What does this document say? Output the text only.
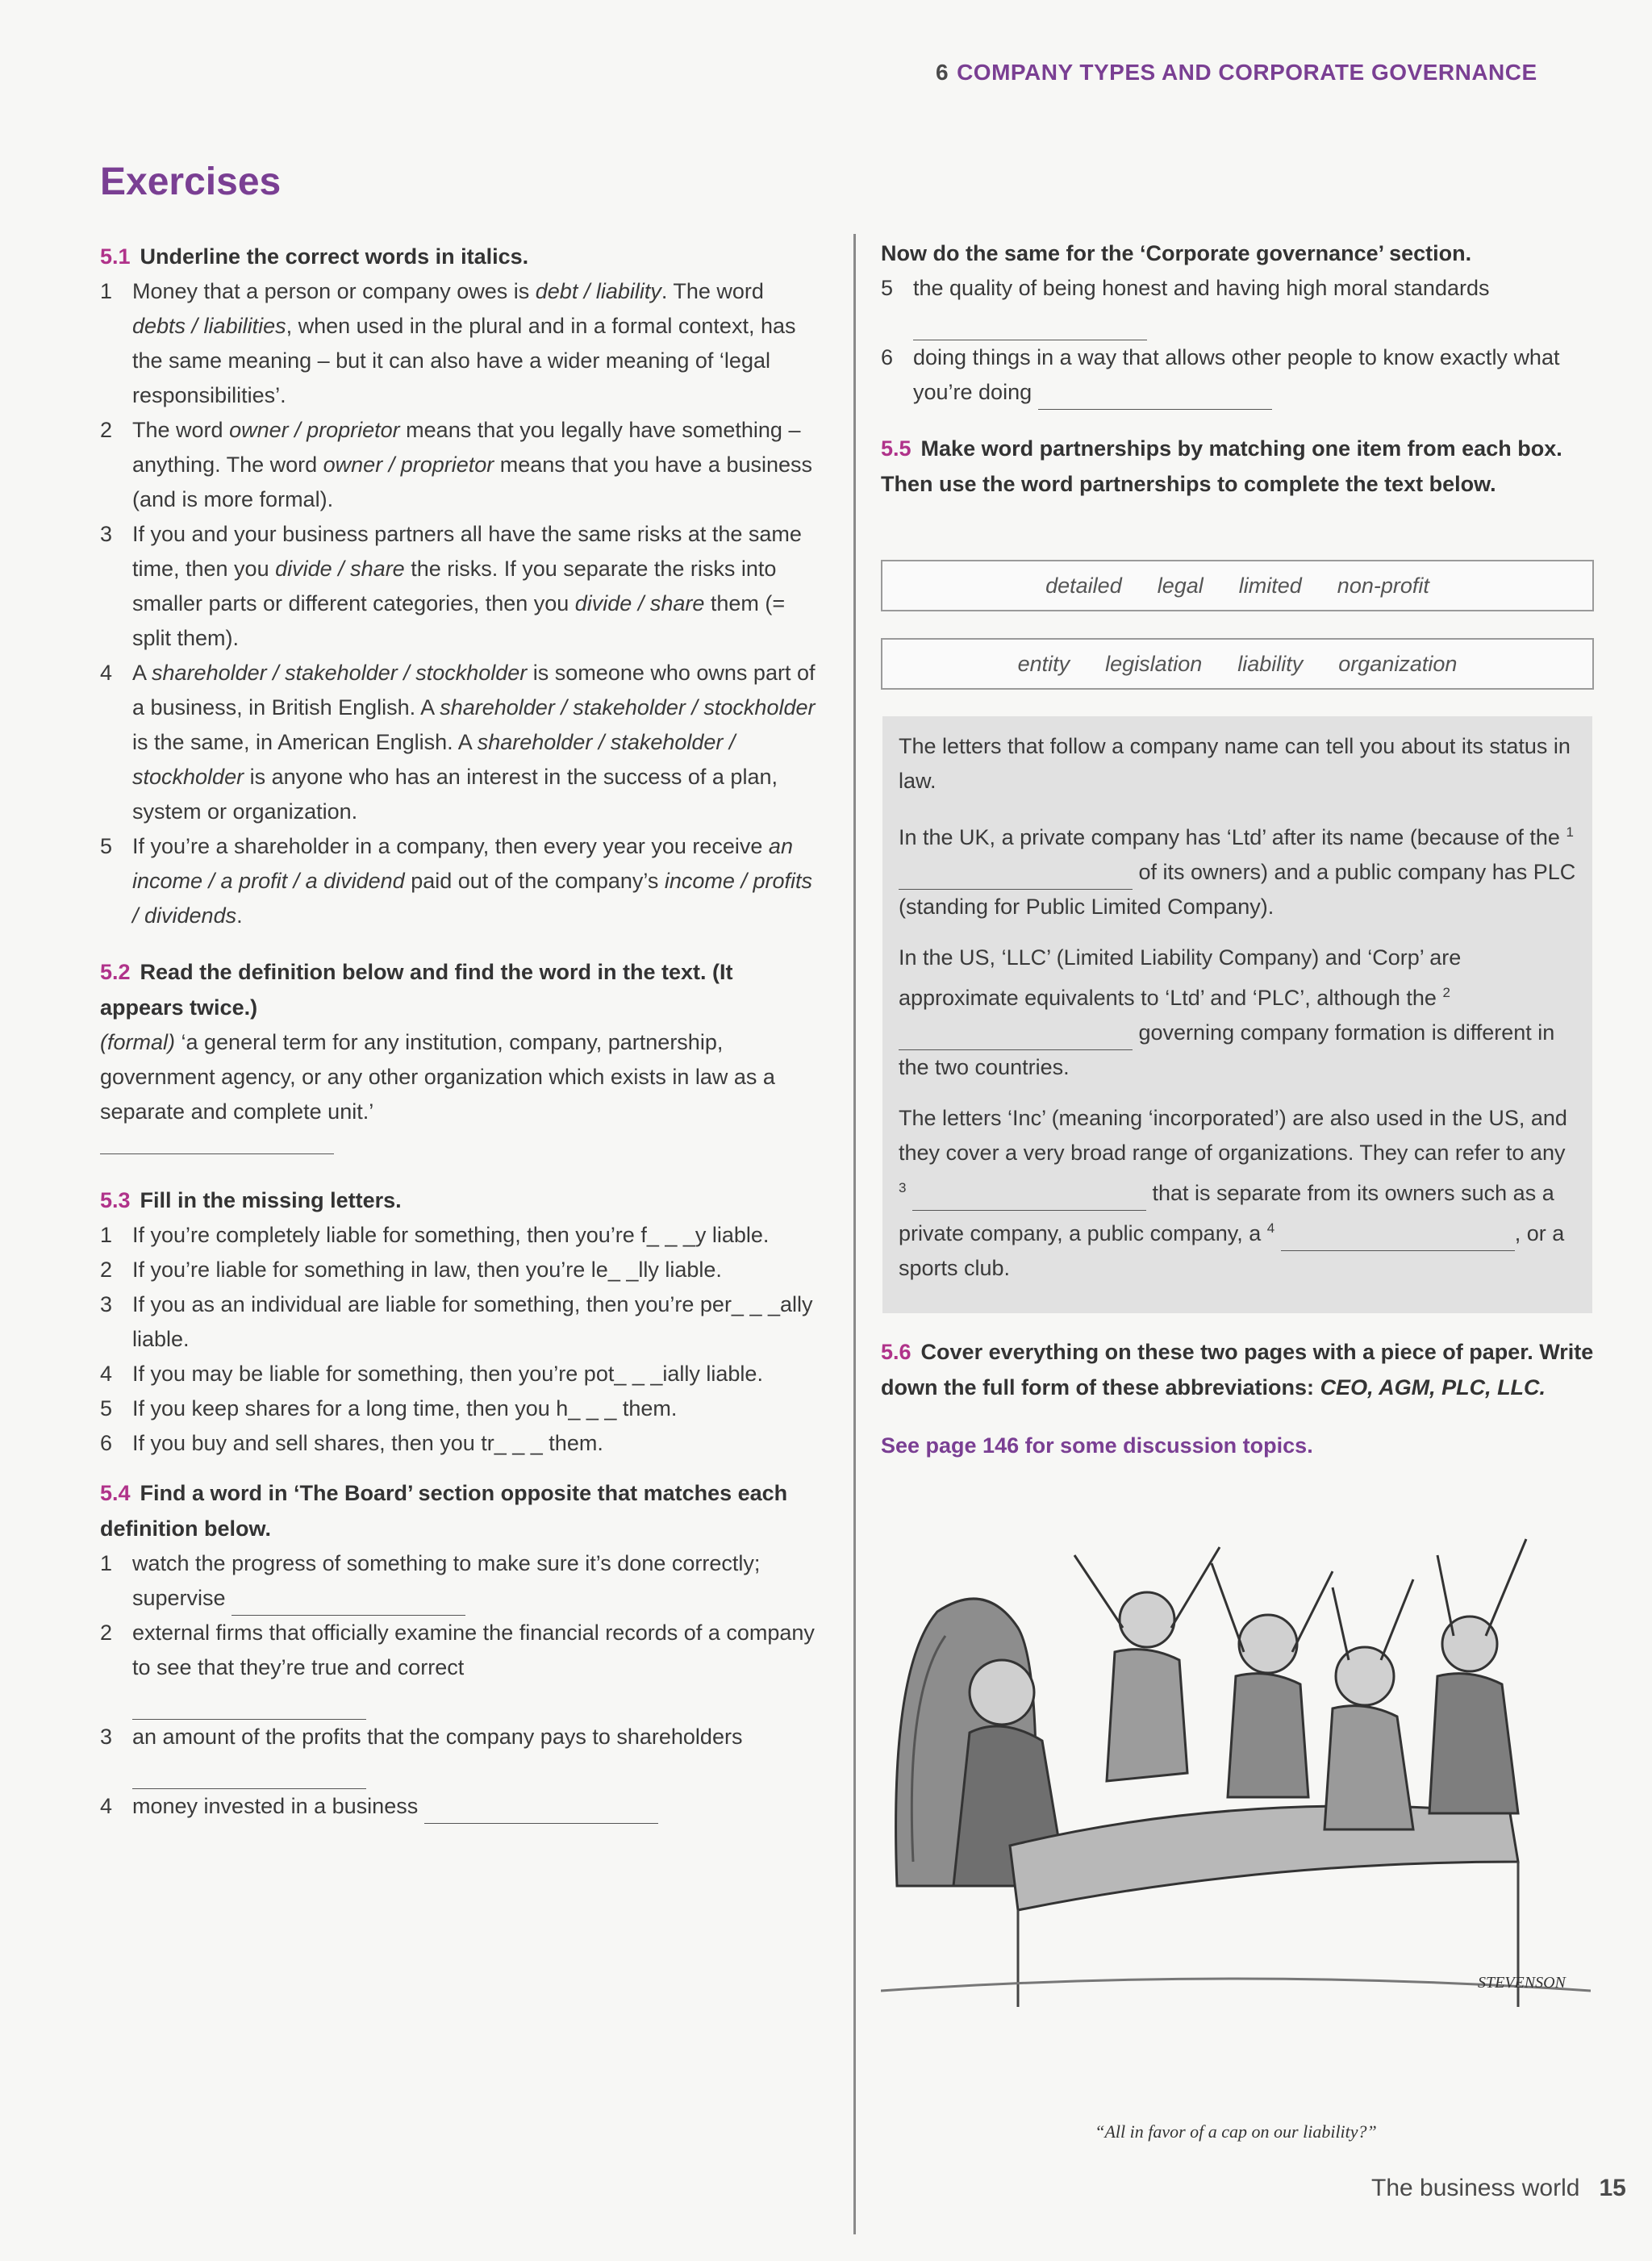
6 COMPANY TYPES AND CORPORATE GOVERNANCE
Exercises
5.1 Underline the correct words in italics.
1 Money that a person or company owes is debt / liability. The word debts / liabilities, when used in the plural and in a formal context, has the same meaning – but it can also have a wider meaning of ‘legal responsibilities’.
2 The word owner / proprietor means that you legally have something – anything. The word owner / proprietor means that you have a business (and is more formal).
3 If you and your business partners all have the same risks at the same time, then you divide / share the risks. If you separate the risks into smaller parts or different categories, then you divide / share them (= split them).
4 A shareholder / stakeholder / stockholder is someone who owns part of a business, in British English. A shareholder / stakeholder / stockholder is the same, in American English. A shareholder / stakeholder / stockholder is anyone who has an interest in the success of a plan, system or organization.
5 If you’re a shareholder in a company, then every year you receive an income / a profit / a dividend paid out of the company’s income / profits / dividends.
5.2 Read the definition below and find the word in the text. (It appears twice.)
(formal) ‘a general term for any institution, company, partnership, government agency, or any other organization which exists in law as a separate and complete unit.’
5.3 Fill in the missing letters.
1 If you’re completely liable for something, then you’re f_ _ _y liable.
2 If you’re liable for something in law, then you’re le_ _lly liable.
3 If you as an individual are liable for something, then you’re per_ _ _ally liable.
4 If you may be liable for something, then you’re pot_ _ _ially liable.
5 If you keep shares for a long time, then you h_ _ _ them.
6 If you buy and sell shares, then you tr_ _ _ them.
5.4 Find a word in ‘The Board’ section opposite that matches each definition below.
1 watch the progress of something to make sure it’s done correctly; supervise
2 external firms that officially examine the financial records of a company to see that they’re true and correct

3 an amount of the profits that the company pays to shareholders
4 money invested in a business
Now do the same for the ‘Corporate governance’ section.
5 the quality of being honest and having high moral standards

6 doing things in a way that allows other people to know exactly what you’re doing
5.5 Make word partnerships by matching one item from each box. Then use the word partnerships to complete the text below.
detailed legal limited non-profit
entity legislation liability organization

The letters that follow a company name can tell you about its status in law.

In the UK, a private company has ‘Ltd’ after its name (because of the $^1$  of its owners) and a public company has PLC (standing for Public Limited Company).

In the US, ‘LLC’ (Limited Liability Company) and ‘Corp’ are approximate equivalents to ‘Ltd’ and ‘PLC’, although the $^2$  governing company formation is different in the two countries.

The letters ‘Inc’ (meaning ‘incorporated’) are also used in the US, and they cover a very broad range of organizations. They can refer to any $^3$	that is separate from its owners such as a private company, a public company, a $^4$	, or a sports club.

5.6 Cover everything on these two pages with a piece of paper. Write down the full form of these abbreviations: CEO, AGM, PLC, LLC.
See page 146 for some discussion topics.
STEVENSON
“All in favor of a cap on our liability?”
The business world 15
